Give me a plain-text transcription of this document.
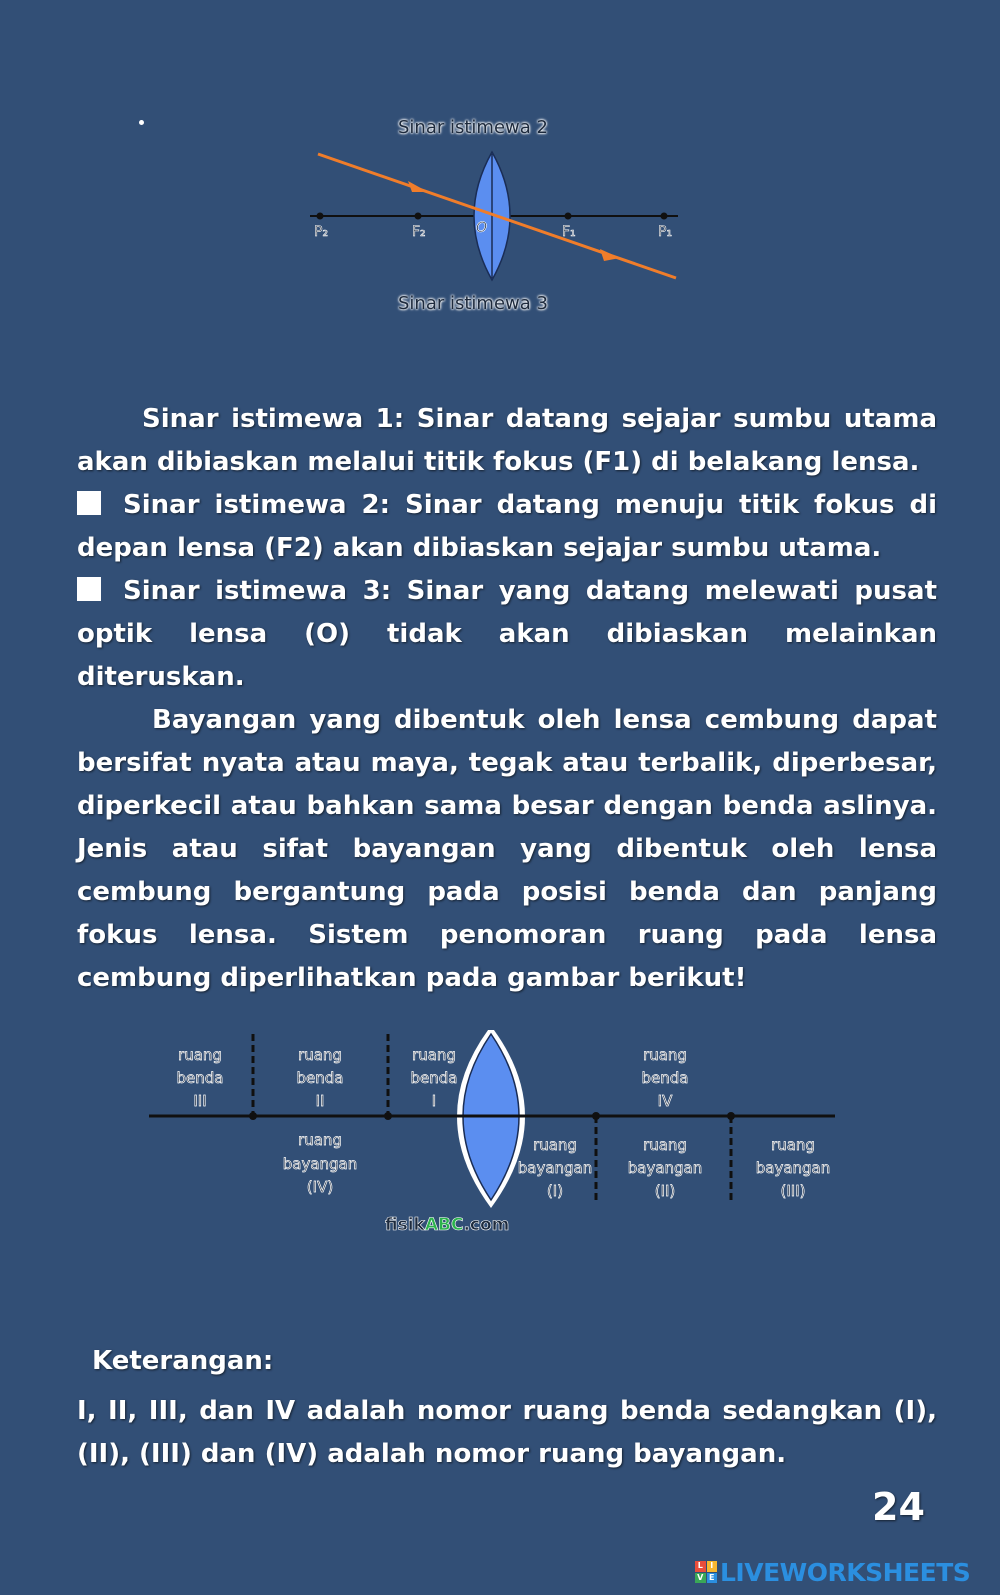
P₂	F₂	O	F₁	P₁
Sinar istimewa 2
Sinar istimewa 3

Sinar istimewa 1: Sinar datang sejajar sumbu utama akan dibiaskan melalui titik fokus (F1) di belakang lensa.

Sinar istimewa 2: Sinar datang menuju titik fokus di depan lensa (F2) akan dibiaskan sejajar sumbu utama.

Sinar istimewa 3: Sinar yang datang melewati pusat optik lensa (O) tidak akan dibiaskan melainkan diteruskan.

Bayangan yang dibentuk oleh lensa cembung dapat bersifat nyata atau maya, tegak atau terbalik, diperbesar, diperkecil atau bahkan sama besar dengan benda aslinya. Jenis atau sifat bayangan yang dibentuk oleh lensa cembung bergantung pada posisi benda dan panjang fokus lensa. Sistem penomoran ruang pada lensa cembung diperlihatkan pada gambar berikut!

ruang
benda
III
ruang
benda
II
ruang
benda
I
ruang
benda
IV
ruang
bayangan
(IV)
ruang
bayangan
(I)
ruang
bayangan
(II)
ruang
bayangan
(III)
fisikABC.com
Keterangan:
I, II, III, dan IV adalah nomor ruang benda sedangkan (I), (II), (III) dan (IV) adalah nomor ruang bayangan.
24
L I
V E LIVEWORKSHEETS
